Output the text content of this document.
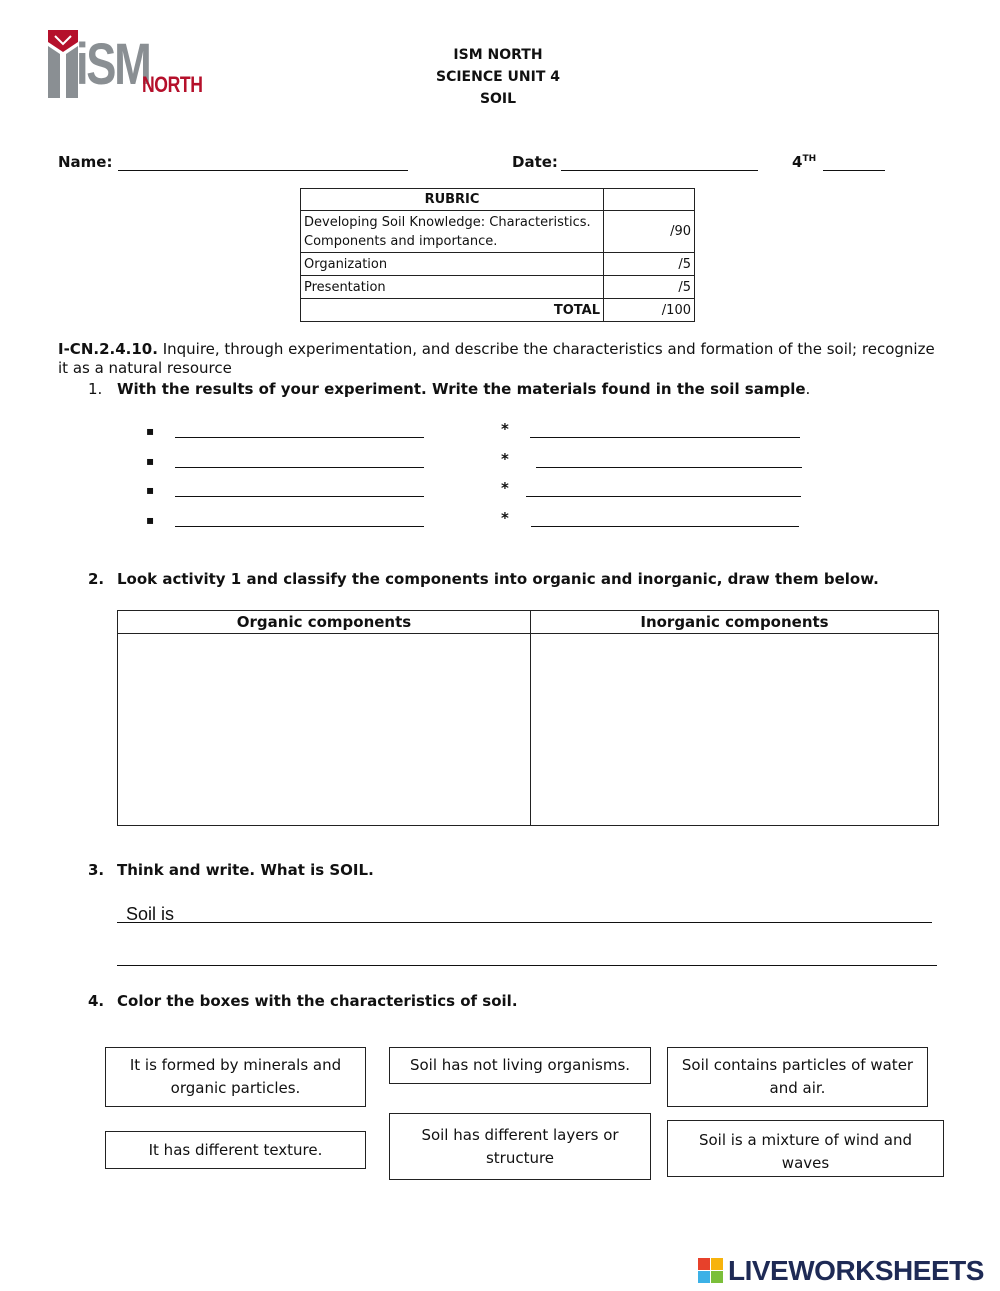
iSM
NORTH
ISM NORTH
SCIENCE UNIT 4
SOIL
Name:	Date:	4TH
RUBRIC	
Developing Soil Knowledge: Characteristics. Components and importance.	/90
Organization	/5
Presentation	/5
TOTAL	/100
I-CN.2.4.10. Inquire, through experimentation, and describe the characteristics and formation of the soil; recognize it as a natural resource
1. With the results of your experiment. Write the materials found in the soil sample.
▪
▪
▪
▪
*
*
*
*
2. Look activity 1 and classify the components into organic and inorganic, draw them below.
Organic components	Inorganic components

3. Think and write. What is SOIL.
Soil is
4. Color the boxes with the characteristics of soil.
It is formed by minerals and organic particles.
Soil has not living organisms.	Soil contains particles of water and air.
It has different texture.
Soil has different layers or structure
Soil is a mixture of wind and waves
LIVEWORKSHEETS
